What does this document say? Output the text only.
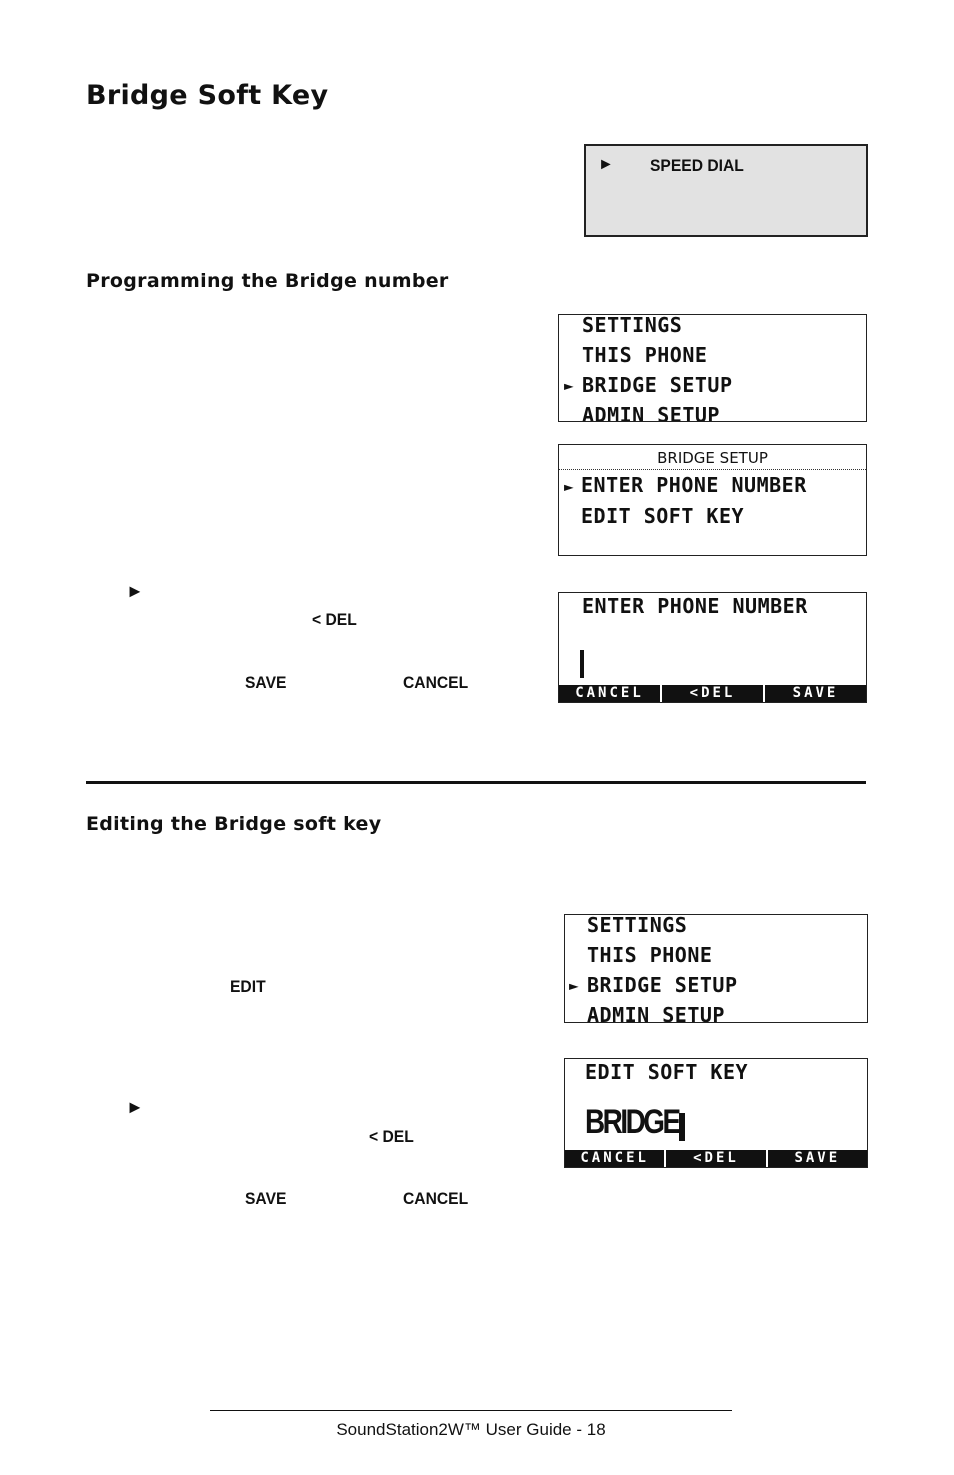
Bridge Soft Key
Programming the Bridge number
Editing the Bridge soft key
► SPEED DIAL
SETTINGS
THIS PHONE
► BRIDGE SETUP
ADMIN SETUP
BRIDGE SETUP
► ENTER PHONE NUMBER
EDIT SOFT KEY
ENTER PHONE NUMBER
CANCEL	<DEL	SAVE
►
< DEL
SAVE	CANCEL
SETTINGS
THIS PHONE
► BRIDGE SETUP
ADMIN SETUP
EDIT
EDIT SOFT KEY
BRIDGE
CANCEL	<DEL	SAVE
►
< DEL
SAVE	CANCEL
SoundStation2W™ User Guide - 18
